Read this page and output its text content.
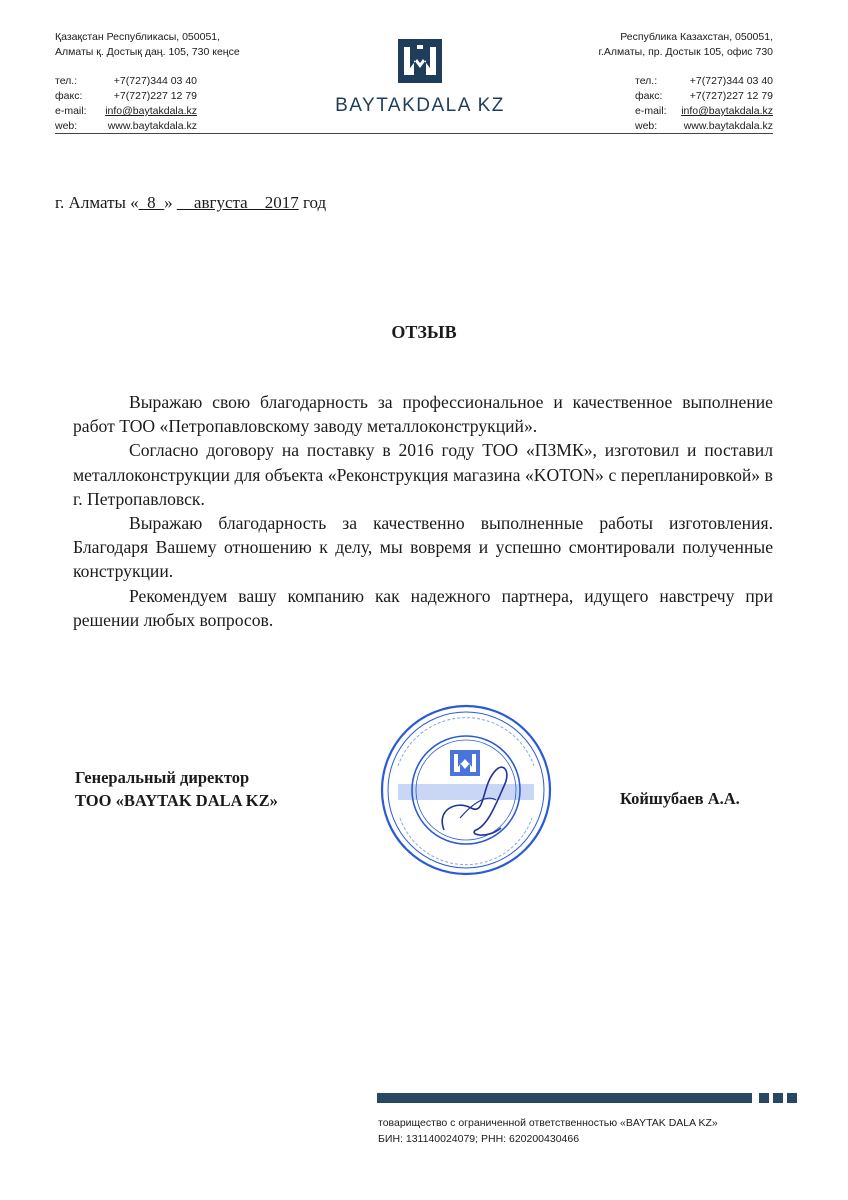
Қазақстан Республикасы, 050051,
Алматы қ. Достық даң. 105, 730 кеңсе
тел.:	+7(727)344 03 40
факс:	+7(727)227 12 79
e-mail:	info@baytakdala.kz
web:	www.baytakdala.kz
BAYTAKDALA KZ
Республика Казахстан, 050051,
г.Алматы, пр. Достык 105, офис 730
тел.:	+7(727)344 03 40
факс:	+7(727)227 12 79
e-mail:	info@baytakdala.kz
web:	www.baytakdala.kz
г. Алматы «_8_» __августа__2017 год
ОТЗЫВ

Выражаю свою благодарность за профессиональное и качественное выполнение работ ТОО «Петропавловскому заводу металлоконструкций».

Согласно договору на поставку в 2016 году ТОО «ПЗМК», изготовил и поставил металлоконструкции для объекта «Реконструкция магазина «KOTON» с перепланировкой» в г. Петропавловск.

Выражаю благодарность за качественно выполненные работы изготовления. Благодаря Вашему отношению к делу, мы вовремя и успешно смонтировали полученные конструкции.

Рекомендуем вашу компанию как надежного партнера, идущего навстречу при решении любых вопросов.

Генеральный директор
ТОО «BAYTAK DALA KZ»	Койшубаев А.А.
товарищество с ограниченной ответственностью «BAYTAK DALA KZ»
БИН: 131140024079; РНН: 620200430466
